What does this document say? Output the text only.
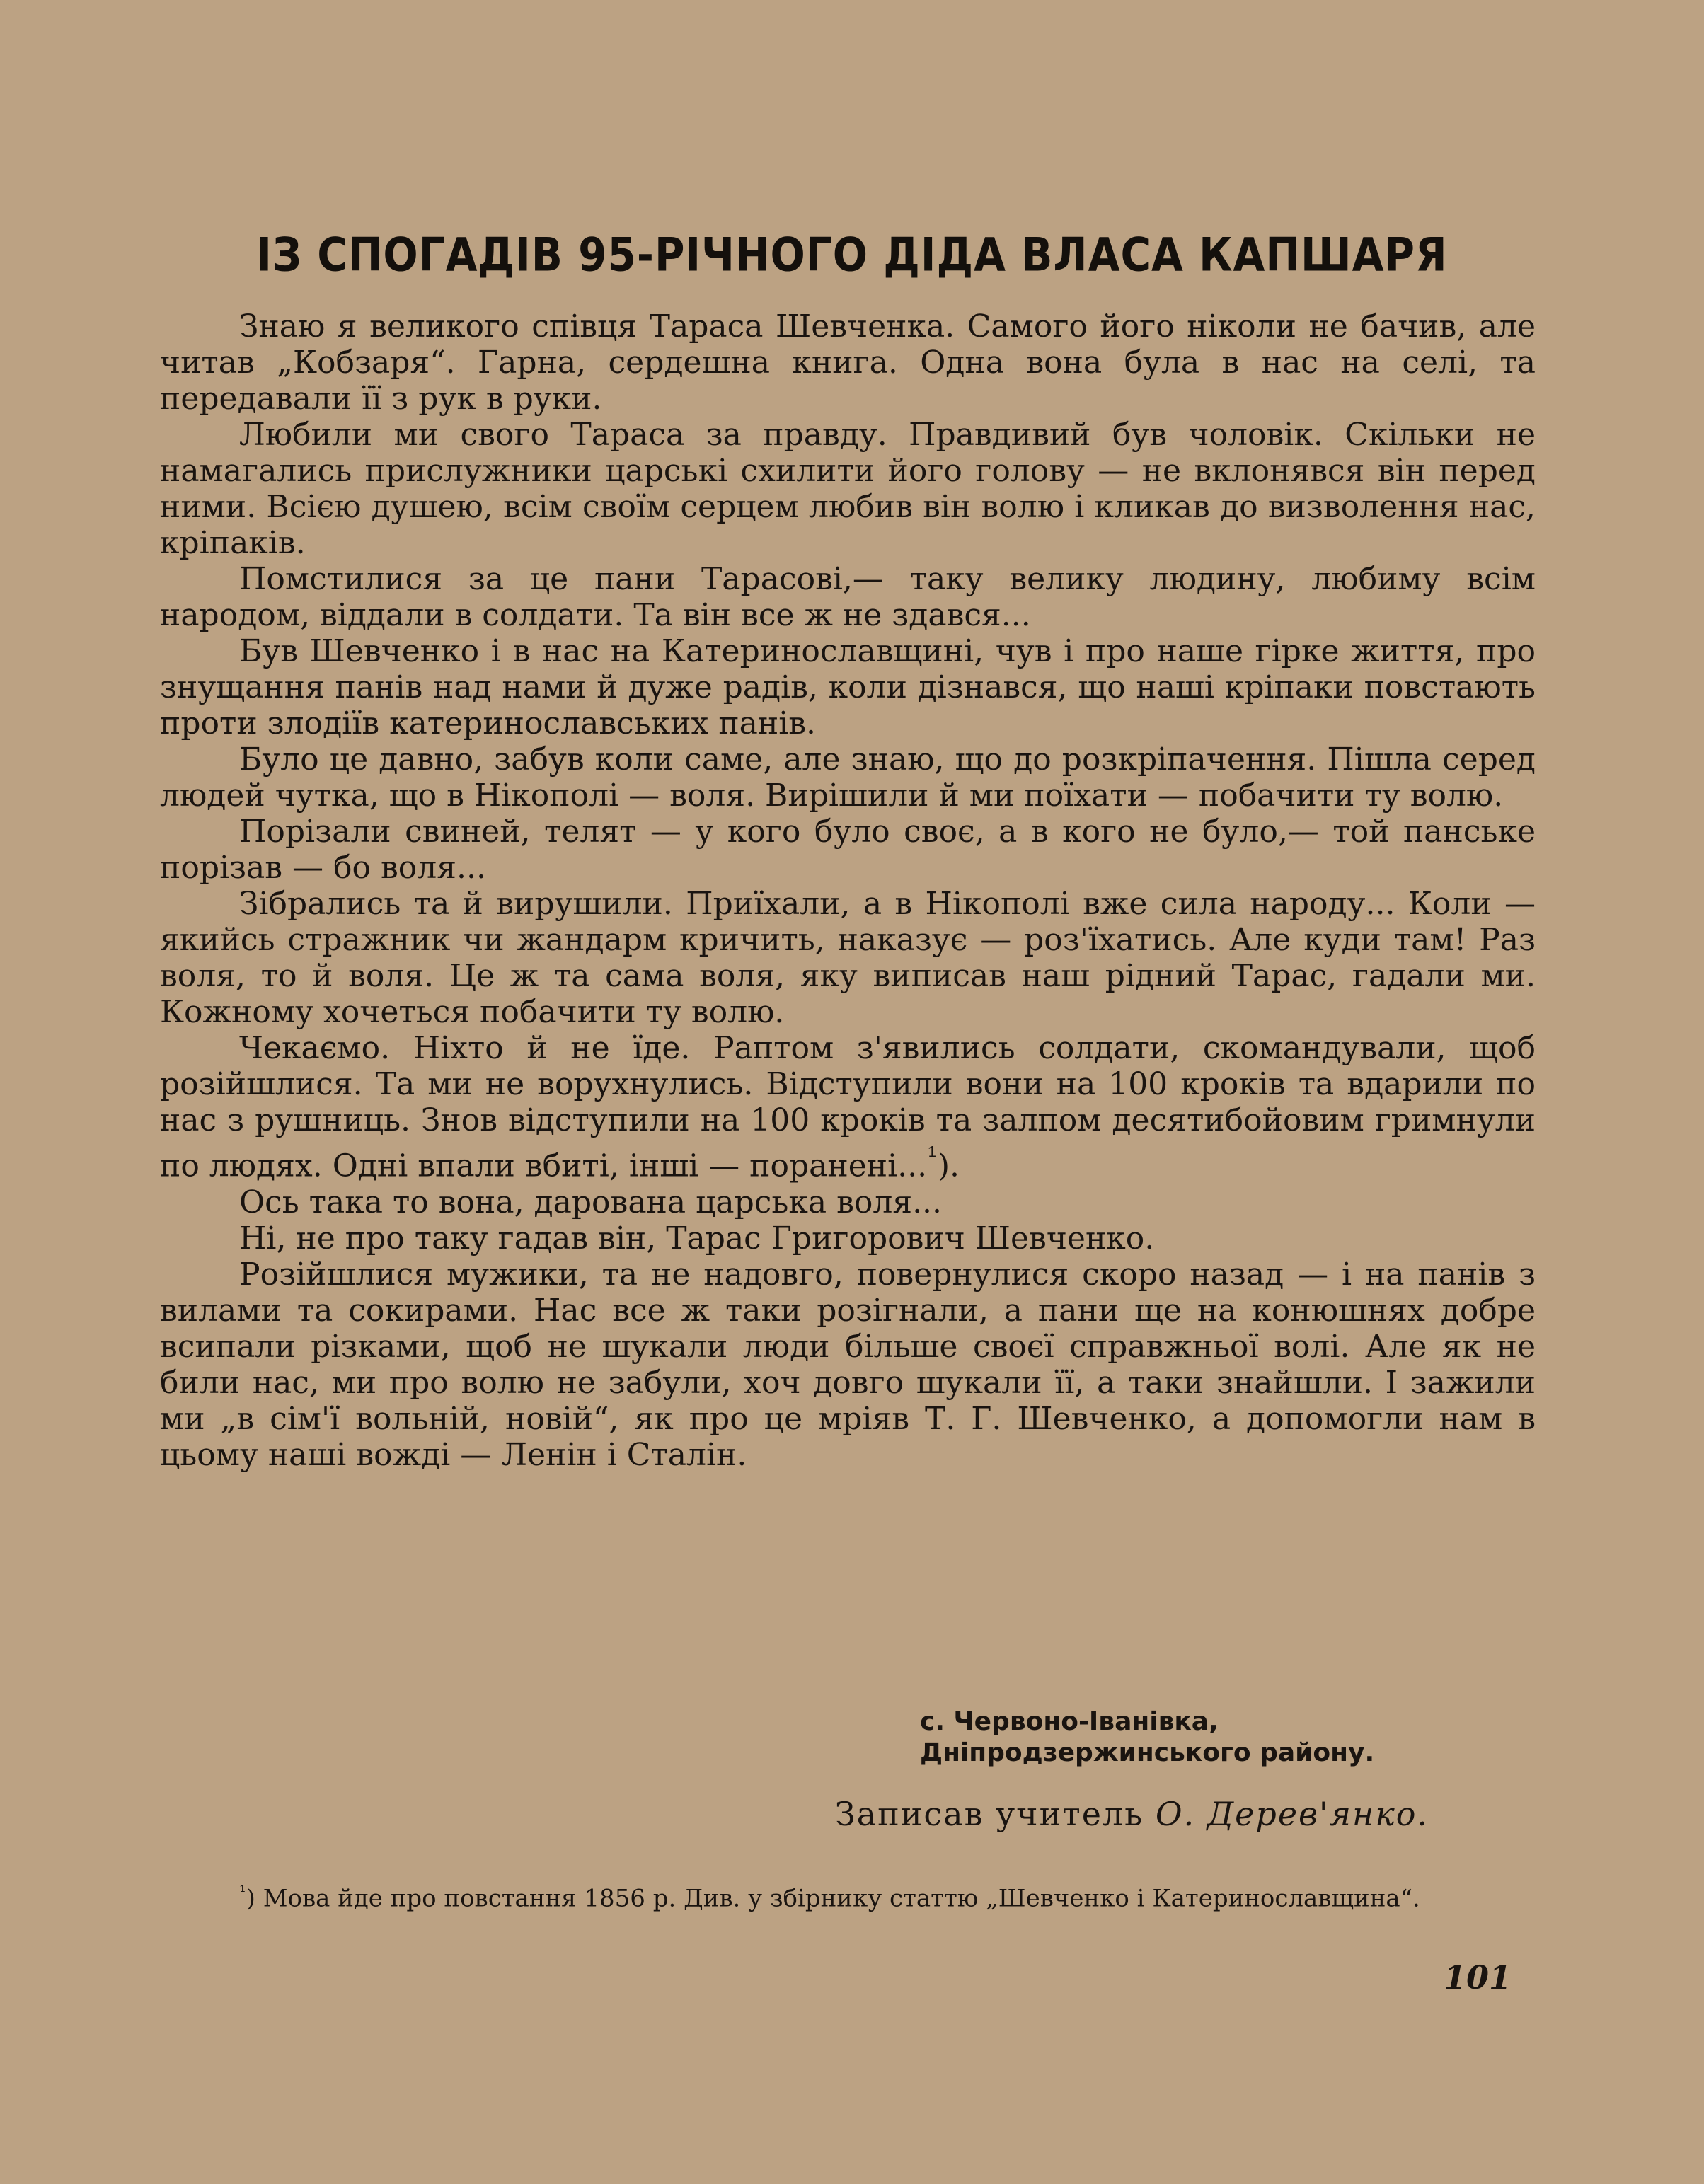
ІЗ СПОГАДІВ 95-РІЧНОГО ДІДА ВЛАСА КАПШАРЯ

Знаю я великого співця Тараса Шевченка. Самого його ніколи не бачив, але читав „Кобзаря“. Гарна, сердешна книга. Одна вона була в нас на селі, та передавали її з рук в руки.

Любили ми свого Тараса за правду. Правдивий був чоловік. Скільки не намагались прислужники царські схилити його голову — не вклонявся він перед ними. Всією душею, всім своїм серцем любив він волю і кликав до визволення нас, кріпаків.

Помстилися за це пани Тарасові,— таку велику людину, любиму всім народом, віддали в солдати. Та він все ж не здався...

Був Шевченко і в нас на Катеринославщині, чув і про наше гірке життя, про знущання панів над нами й дуже радів, коли дізнався, що наші кріпаки повстають проти злодіїв катеринославських панів.

Було це давно, забув коли саме, але знаю, що до розкріпачення. Пішла серед людей чутка, що в Нікополі — воля. Вирішили й ми поїхати — побачити ту волю.

Порізали свиней, телят — у кого було своє, а в кого не було,— той панське порізав — бо воля...

Зібрались та й вирушили. Приїхали, а в Нікополі вже сила народу... Коли — якийсь стражник чи жандарм кричить, наказує — роз'їхатись. Але куди там! Раз воля, то й воля. Це ж та сама воля, яку виписав наш рідний Тарас, гадали ми. Кожному хочеться побачити ту волю.

Чекаємо. Ніхто й не їде. Раптом з'явились солдати, скомандували, щоб розійшлися. Та ми не ворухнулись. Відступили вони на 100 кроків та вдарили по нас з рушниць. Знов відступили на 100 кроків та залпом десятибойовим гримнули по людях. Одні впали вбиті, інші — поранені...$^{^1}$).

Ось така то вона, дарована царська воля...

Ні, не про таку гадав він, Тарас Григорович Шевченко.

Розійшлися мужики, та не надовго, повернулися скоро назад — і на панів з вилами та сокирами. Нас все ж таки розігнали, а пани ще на конюшнях добре всипали різками, щоб не шукали люди більше своєї справжньої волі. Але як не били нас, ми про волю не забули, хоч довго шукали її, а таки знайшли. І зажили ми „в сім'ї вольній, новій“, як про це мріяв Т. Г. Шевченко, а допомогли нам в цьому наші вожді — Ленін і Сталін.

с. Червоно-Іванівка, Дніпродзержинського району.

Записав учитель О. Дерев'янко.

$^{^1}$) Мова йде про повстання 1856 р. Див. у збірнику статтю „Шевченко і Катеринославщина“.

101
